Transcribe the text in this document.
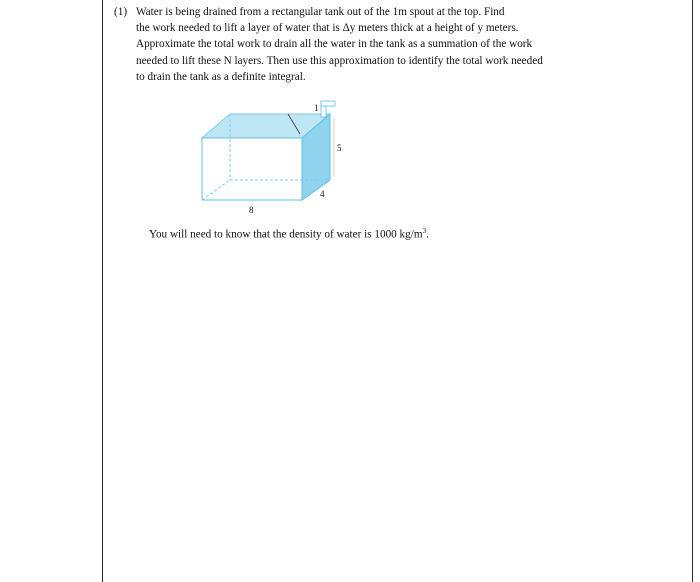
(1) Water is being drained from a rectangular tank out of the 1m spout at the top. Find
the work needed to lift a layer of water that is Δy meters thick at a height of y meters.
Approximate the total work to drain all the water in the tank as a summation of the work
needed to lift these N layers. Then use this approximation to identify the total work needed
to drain the tank as a definite integral.
1
5
4
8
You will need to know that the density of water is 1000 $kg/m^3$.
